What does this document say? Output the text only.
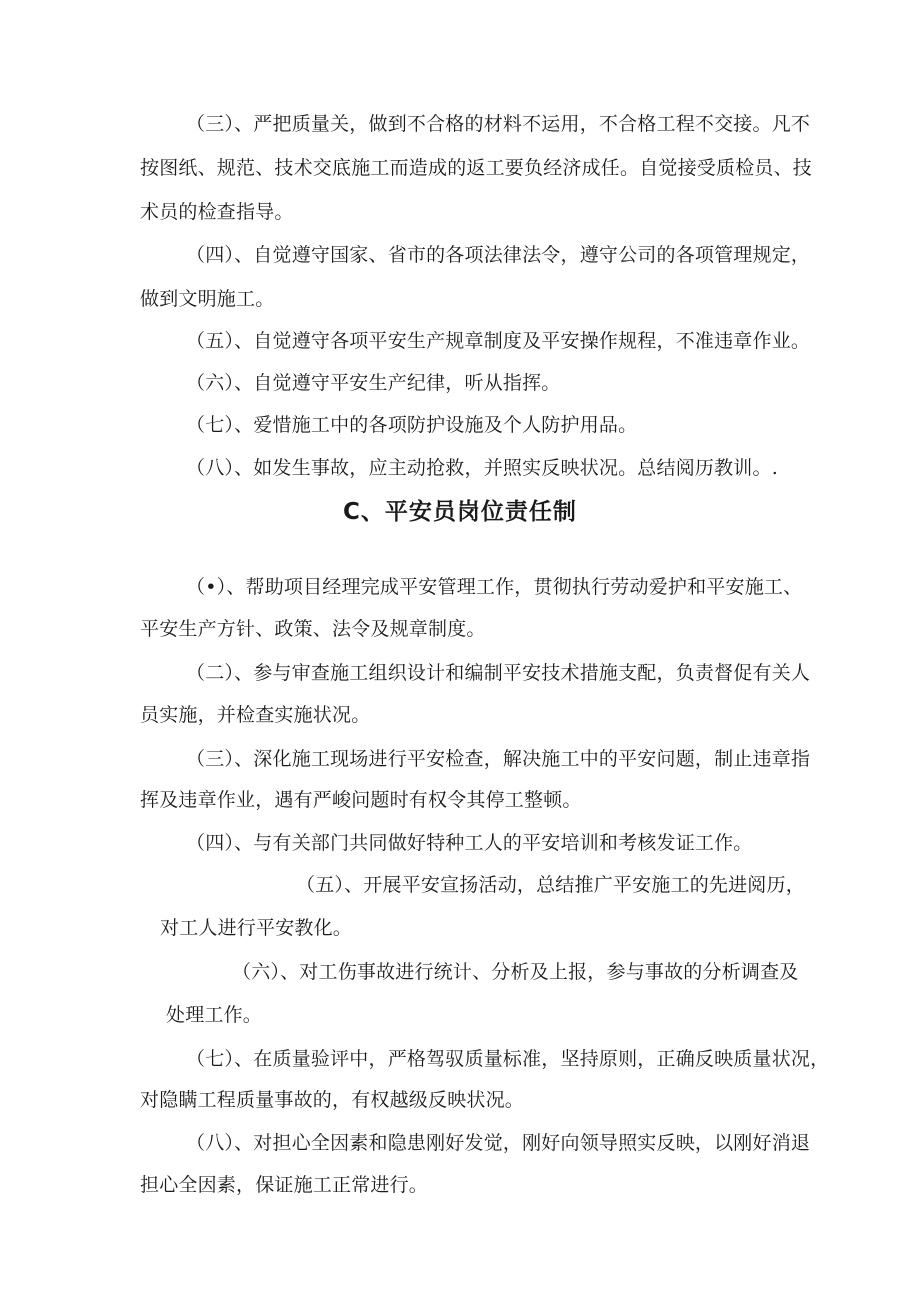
（三）、严把质量关，做到不合格的材料不运用，不合格工程不交接。凡不
按图纸、规范、技术交底施工而造成的返工要负经济成任。自觉接受质检员、技
术员的检查指导。
（四）、自觉遵守国家、省市的各项法律法令，遵守公司的各项管理规定，
做到文明施工。
（五）、自觉遵守各项平安生产规章制度及平安操作规程，不准违章作业。
（六）、自觉遵守平安生产纪律，听从指挥。
（七）、爱惜施工中的各项防护设施及个人防护用品。
（八）、如发生事故，应主动抢救，并照实反映状况。总结阅历教训。.
C、平安员岗位责任制
（•）、帮助项目经理完成平安管理工作，贯彻执行劳动爱护和平安施工、
平安生产方针、政策、法令及规章制度。
（二）、参与审查施工组织设计和编制平安技术措施支配，负责督促有关人
员实施，并检查实施状况。
（三）、深化施工现场进行平安检查，解决施工中的平安问题，制止违章指
挥及违章作业，遇有严峻问题时有权令其停工整顿。
（四）、与有关部门共同做好特种工人的平安培训和考核发证工作。
（五）、开展平安宣扬活动，总结推广平安施工的先进阅历，
对工人进行平安教化。
（六）、对工伤事故进行统计、分析及上报，参与事故的分析调查及
处理工作。
（七）、在质量验评中，严格驾驭质量标准，坚持原则，正确反映质量状况，
对隐瞒工程质量事故的，有权越级反映状况。
（八）、对担心全因素和隐患刚好发觉，刚好向领导照实反映，以刚好消退
担心全因素，保证施工正常进行。
